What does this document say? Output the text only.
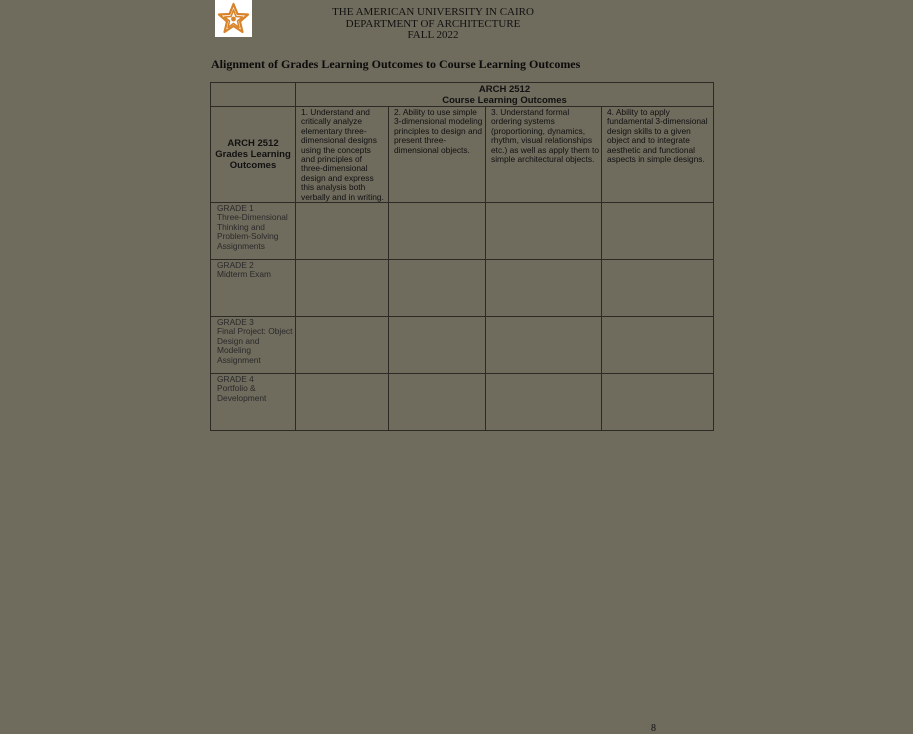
THE AMERICAN UNIVERSITY IN CAIRO
DEPARTMENT OF ARCHITECTURE
FALL 2022
Alignment of Grades Learning Outcomes to Course Learning Outcomes

	ARCH 2512
Course Learning Outcomes			

ARCH 2512 Grades Learning Outcomes	1. Understand and critically analyze elementary three-dimensional designs using the concepts and principles of three-dimensional design and express this analysis both verbally and in writing.	2. Ability to use simple 3-dimensional modeling principles to design and present three-dimensional objects.	3. Understand formal ordering systems (proportioning, dynamics, rhythm, visual relationships etc.) as well as apply them to simple architectural objects.	4. Ability to apply fundamental 3-dimensional design skills to a given object and to integrate aesthetic and functional aspects in simple designs.

GRADE 1
Three-Dimensional Thinking and Problem-Solving Assignments				

GRADE 2
Midterm Exam				

GRADE 3
Final Project: Object Design and Modeling Assignment				

GRADE 4
Portfolio & Development				

8
